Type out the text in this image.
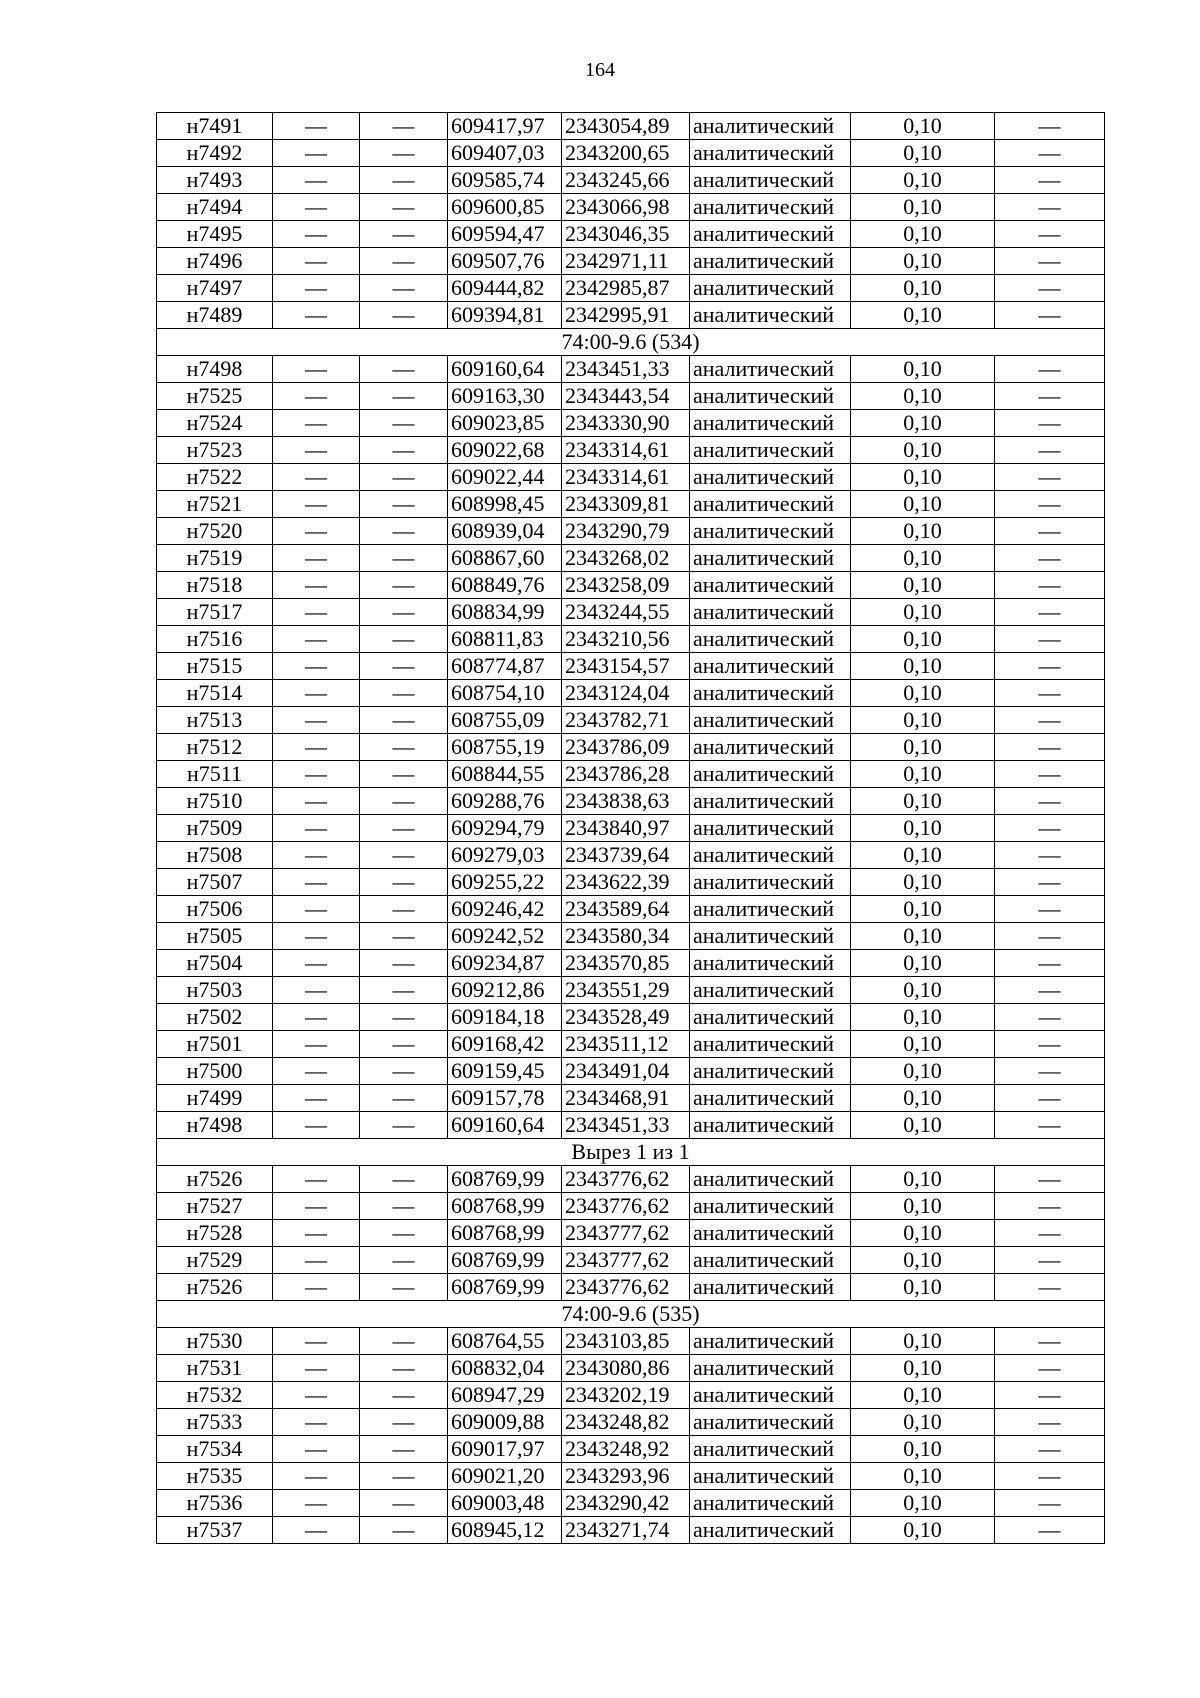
164
н7491	—	—	609417,97	2343054,89	аналитический	0,10	—
н7492	—	—	609407,03	2343200,65	аналитический	0,10	—
н7493	—	—	609585,74	2343245,66	аналитический	0,10	—
н7494	—	—	609600,85	2343066,98	аналитический	0,10	—
н7495	—	—	609594,47	2343046,35	аналитический	0,10	—
н7496	—	—	609507,76	2342971,11	аналитический	0,10	—
н7497	—	—	609444,82	2342985,87	аналитический	0,10	—
н7489	—	—	609394,81	2342995,91	аналитический	0,10	—
74:00-9.6 (534)							
н7498	—	—	609160,64	2343451,33	аналитический	0,10	—
н7525	—	—	609163,30	2343443,54	аналитический	0,10	—
н7524	—	—	609023,85	2343330,90	аналитический	0,10	—
н7523	—	—	609022,68	2343314,61	аналитический	0,10	—
н7522	—	—	609022,44	2343314,61	аналитический	0,10	—
н7521	—	—	608998,45	2343309,81	аналитический	0,10	—
н7520	—	—	608939,04	2343290,79	аналитический	0,10	—
н7519	—	—	608867,60	2343268,02	аналитический	0,10	—
н7518	—	—	608849,76	2343258,09	аналитический	0,10	—
н7517	—	—	608834,99	2343244,55	аналитический	0,10	—
н7516	—	—	608811,83	2343210,56	аналитический	0,10	—
н7515	—	—	608774,87	2343154,57	аналитический	0,10	—
н7514	—	—	608754,10	2343124,04	аналитический	0,10	—
н7513	—	—	608755,09	2343782,71	аналитический	0,10	—
н7512	—	—	608755,19	2343786,09	аналитический	0,10	—
н7511	—	—	608844,55	2343786,28	аналитический	0,10	—
н7510	—	—	609288,76	2343838,63	аналитический	0,10	—
н7509	—	—	609294,79	2343840,97	аналитический	0,10	—
н7508	—	—	609279,03	2343739,64	аналитический	0,10	—
н7507	—	—	609255,22	2343622,39	аналитический	0,10	—
н7506	—	—	609246,42	2343589,64	аналитический	0,10	—
н7505	—	—	609242,52	2343580,34	аналитический	0,10	—
н7504	—	—	609234,87	2343570,85	аналитический	0,10	—
н7503	—	—	609212,86	2343551,29	аналитический	0,10	—
н7502	—	—	609184,18	2343528,49	аналитический	0,10	—
н7501	—	—	609168,42	2343511,12	аналитический	0,10	—
н7500	—	—	609159,45	2343491,04	аналитический	0,10	—
н7499	—	—	609157,78	2343468,91	аналитический	0,10	—
н7498	—	—	609160,64	2343451,33	аналитический	0,10	—
Вырез 1 из 1							
н7526	—	—	608769,99	2343776,62	аналитический	0,10	—
н7527	—	—	608768,99	2343776,62	аналитический	0,10	—
н7528	—	—	608768,99	2343777,62	аналитический	0,10	—
н7529	—	—	608769,99	2343777,62	аналитический	0,10	—
н7526	—	—	608769,99	2343776,62	аналитический	0,10	—
74:00-9.6 (535)							
н7530	—	—	608764,55	2343103,85	аналитический	0,10	—
н7531	—	—	608832,04	2343080,86	аналитический	0,10	—
н7532	—	—	608947,29	2343202,19	аналитический	0,10	—
н7533	—	—	609009,88	2343248,82	аналитический	0,10	—
н7534	—	—	609017,97	2343248,92	аналитический	0,10	—
н7535	—	—	609021,20	2343293,96	аналитический	0,10	—
н7536	—	—	609003,48	2343290,42	аналитический	0,10	—
н7537	—	—	608945,12	2343271,74	аналитический	0,10	—
